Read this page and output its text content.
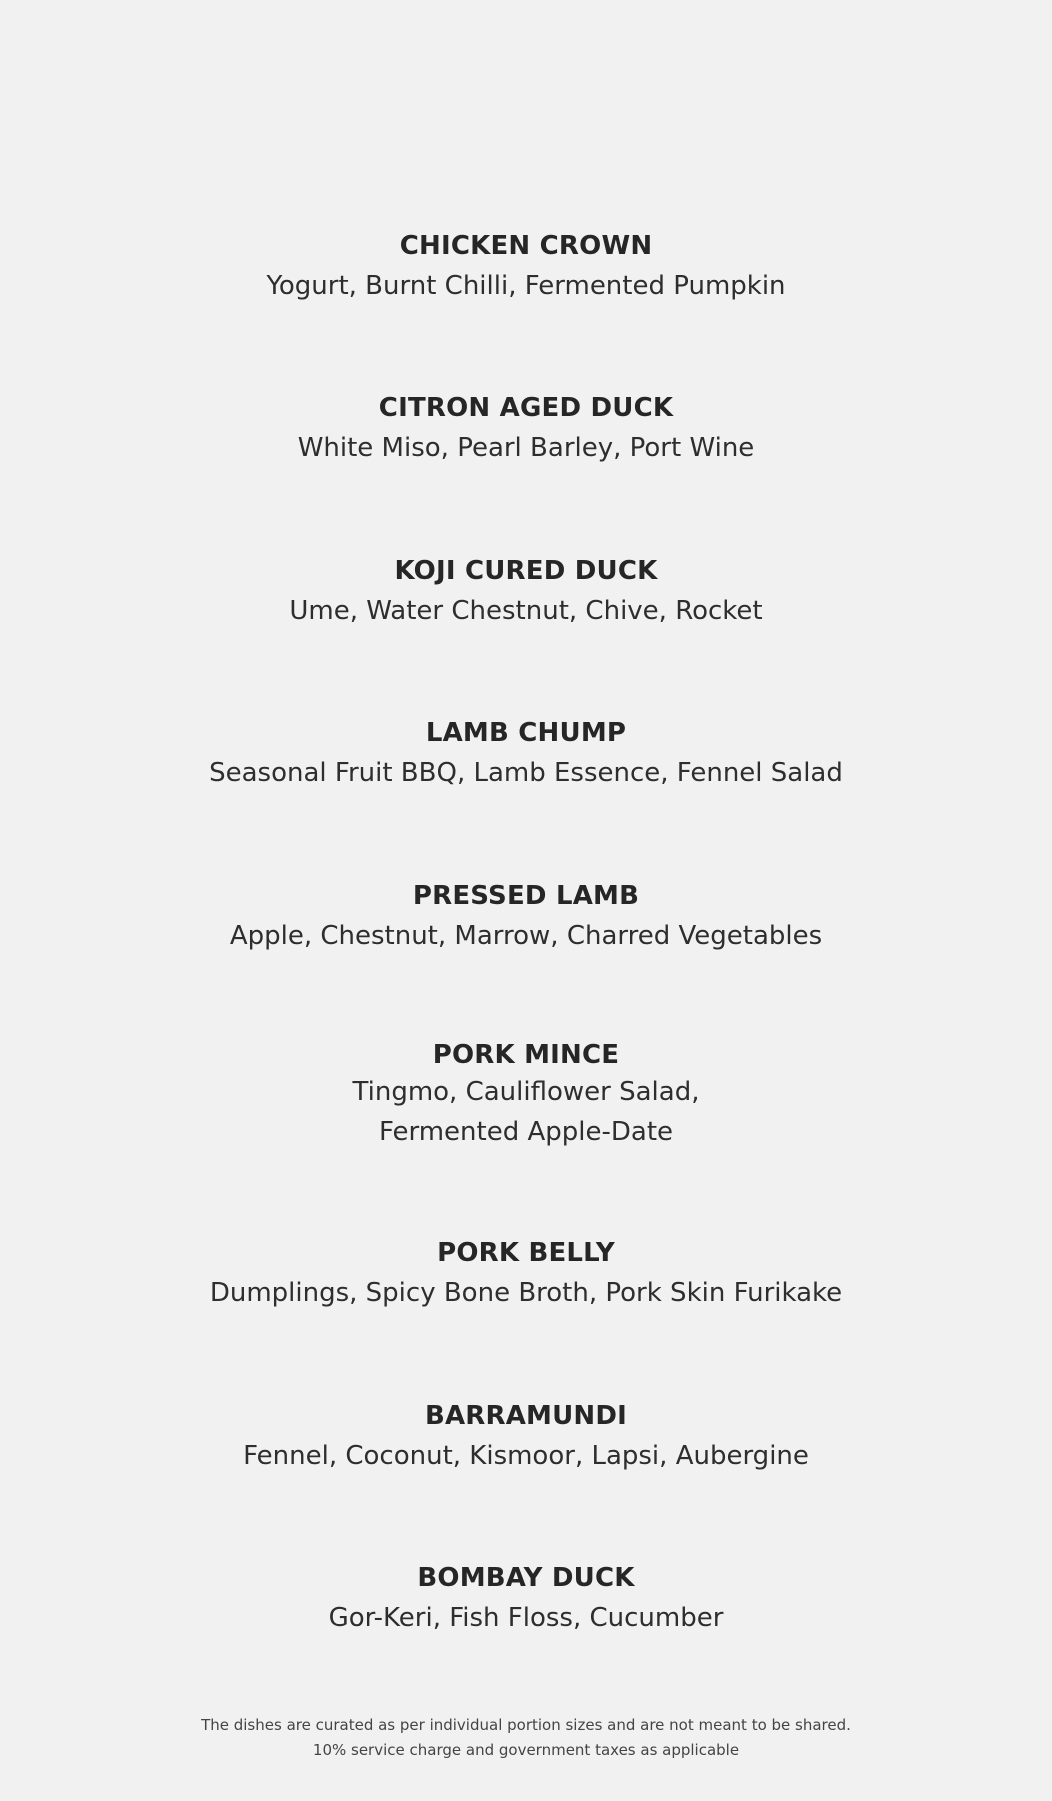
CHICKEN CROWN
Yogurt, Burnt Chilli, Fermented Pumpkin
CITRON AGED DUCK
White Miso, Pearl Barley, Port Wine
KOJI CURED DUCK
Ume, Water Chestnut, Chive, Rocket
LAMB CHUMP
Seasonal Fruit BBQ, Lamb Essence, Fennel Salad
PRESSED LAMB
Apple, Chestnut, Marrow, Charred Vegetables
PORK MINCE
Tingmo, Cauliflower Salad,
Fermented Apple-Date
PORK BELLY
Dumplings, Spicy Bone Broth, Pork Skin Furikake
BARRAMUNDI
Fennel, Coconut, Kismoor, Lapsi, Aubergine
BOMBAY DUCK
Gor-Keri, Fish Floss, Cucumber
The dishes are curated as per individual portion sizes and are not meant to be shared.
10% service charge and government taxes as applicable
